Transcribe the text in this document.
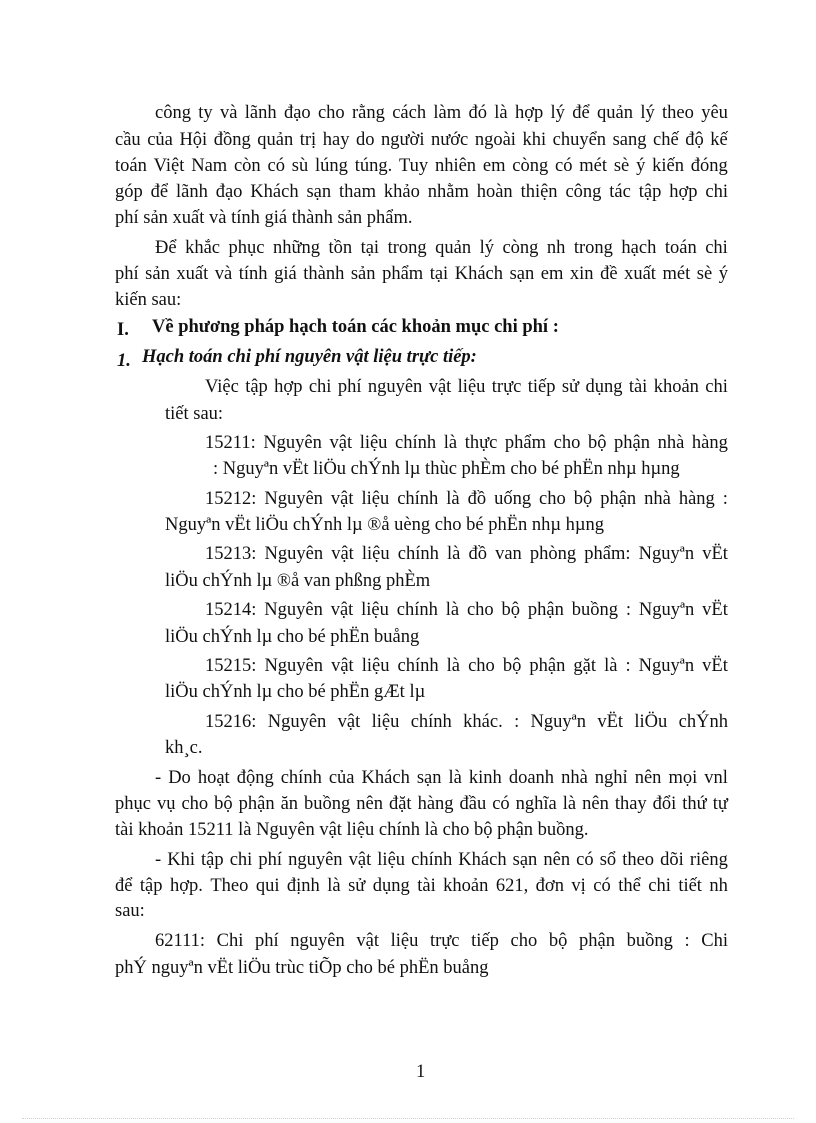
công ty và lãnh đạo cho rằng cách làm đó là hợp lý để quản lý theo yêu
cầu của Hội đồng quản trị hay do người nước ngoài khi chuyển sang chế độ kế
toán Việt Nam còn có sù lúng túng. Tuy nhiên em còng có mét sè ý kiến đóng
góp để lãnh đạo Khách sạn tham khảo nhằm hoàn thiện công tác tập hợp chi
phí sản xuất và tính giá thành sản phẩm.
Để khắc phục những tồn tại trong quản lý còng nh trong hạch toán chi
phí sản xuất và tính giá thành sản phẩm tại Khách sạn em xin đề xuất mét sè ý
kiến sau:
I. Về phương pháp hạch toán các khoản mục chi phí :
1. Hạch toán chi phí nguyên vật liệu trực tiếp:
Việc tập hợp chi phí nguyên vật liệu trực tiếp sử dụng tài khoản chi
tiết sau:
15211: Nguyên vật liệu chính là thực phẩm cho bộ phận nhà hàng
: Nguyªn vËt liÖu chÝnh lµ thùc phÈm cho bé phËn nhµ hµng
15212: Nguyên vật liệu chính là đồ uống cho bộ phận nhà hàng :
Nguyªn vËt liÖu chÝnh lµ ®å uèng cho bé phËn nhµ hµng
15213: Nguyên vật liệu chính là đồ van phòng phẩm: Nguyªn vËt
liÖu chÝnh lµ ®å van phßng phÈm
15214: Nguyên vật liệu chính là cho bộ phận buồng : Nguyªn vËt
liÖu chÝnh lµ cho bé phËn buång
15215: Nguyên vật liệu chính là cho bộ phận gặt là : Nguyªn vËt
liÖu chÝnh lµ cho bé phËn gÆt lµ
15216: Nguyên vật liệu chính khác. : Nguyªn vËt liÖu chÝnh
kh¸c.
- Do hoạt động chính của Khách sạn là kinh doanh nhà nghỉ nên mọi vnl
phục vụ cho bộ phận ăn buồng nên đặt hàng đầu có nghĩa là nên thay đổi thứ tự
tài khoản 15211 là Nguyên vật liệu chính là cho bộ phận buồng.
- Khi tập chi phí nguyên vật liệu chính Khách sạn nên có sổ theo dõi riêng
để tập hợp. Theo qui định là sử dụng tài khoản 621, đơn vị có thể chi tiết nh
sau:
62111: Chi phí nguyên vật liệu trực tiếp cho bộ phận buồng : Chi
phÝ nguyªn vËt liÖu trùc tiÕp cho bé phËn buång
1
